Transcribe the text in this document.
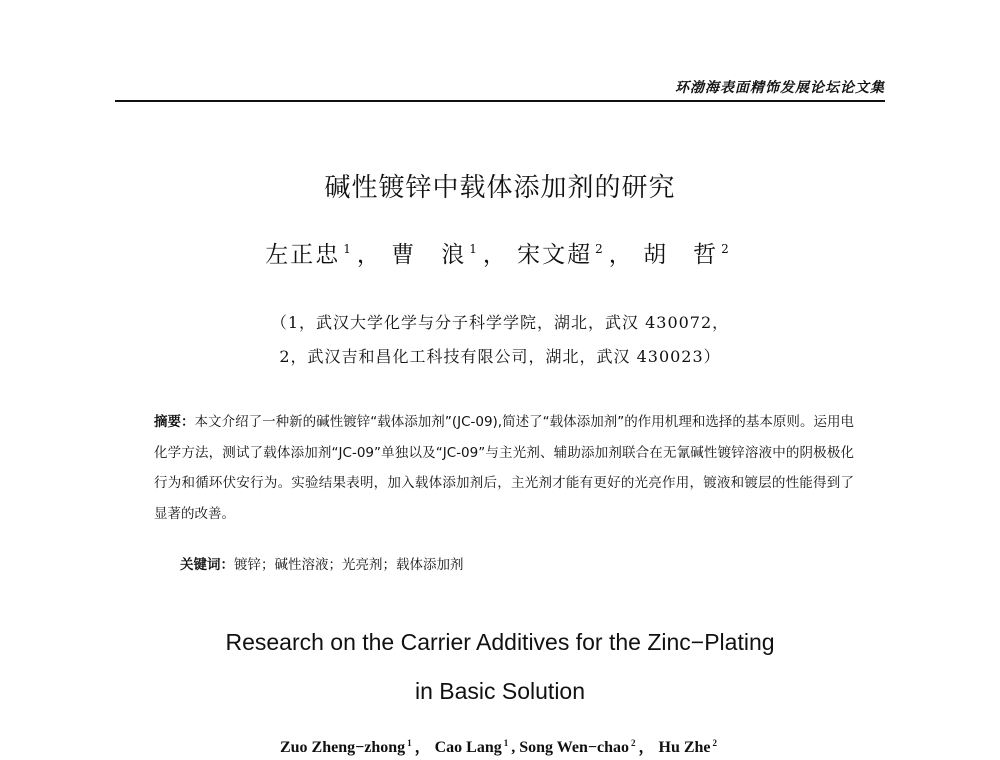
环渤海表面精饰发展论坛论文集
碱性镀锌中载体添加剂的研究
左正忠 $^1$ ， 曹　浪 $^1$ ， 宋文超 $^2$ ， 胡　哲 $^2$
（1，武汉大学化学与分子科学学院，湖北，武汉 430072，
2，武汉吉和昌化工科技有限公司，湖北，武汉 430023）
摘要：本文介绍了一种新的碱性镀锌“载体添加剂”(JC-09),简述了“载体添加剂”的作用机理和选择的基本原则。运用电化学方法，测试了载体添加剂“JC-09”单独以及“JC-09”与主光剂、辅助添加剂联合在无氰碱性镀锌溶液中的阴极极化行为和循环伏安行为。实验结果表明，加入载体添加剂后，主光剂才能有更好的光亮作用，镀液和镀层的性能得到了显著的改善。
关键词：镀锌；碱性溶液；光亮剂；载体添加剂
Research on the Carrier Additives for the Zinc−Plating
in Basic Solution
Zuo Zheng−zhong $^1$ ， Cao Lang $^1$ , Song Wen−chao $^2$ ， Hu Zhe $^2$
